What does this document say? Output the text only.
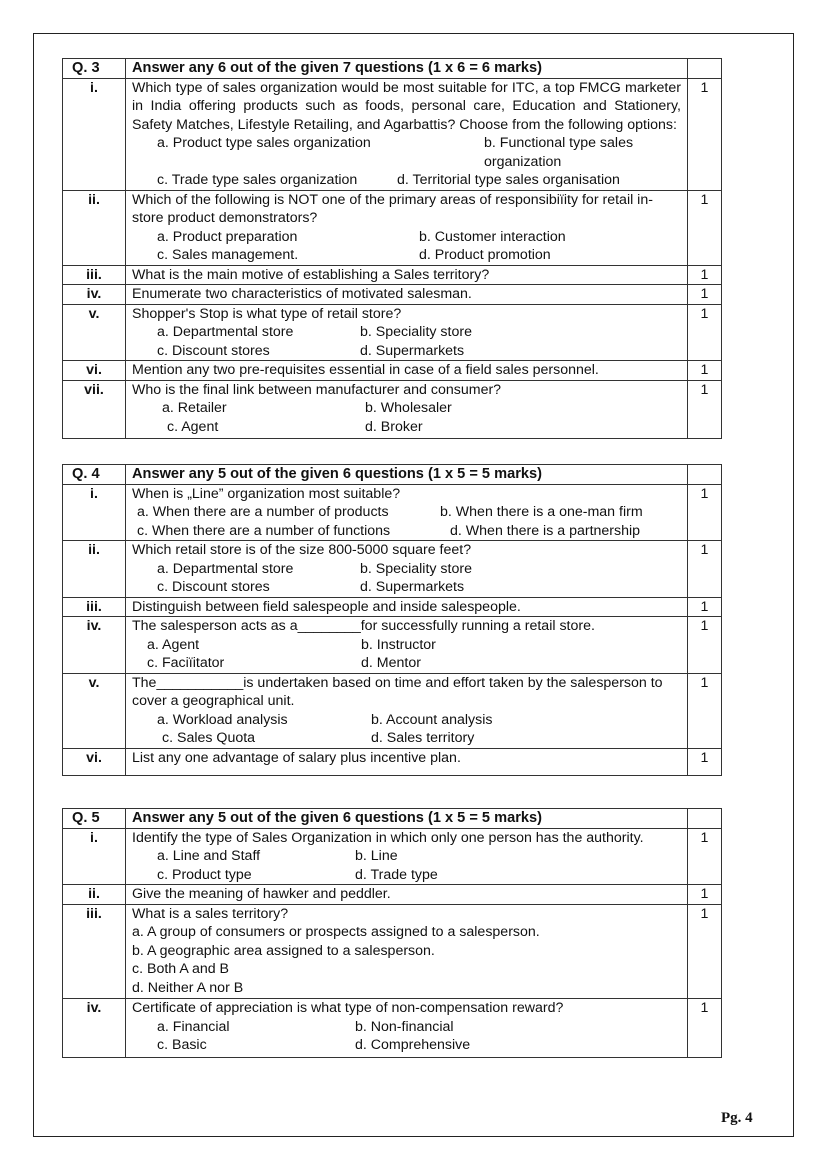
Q. 3	Answer any 6 out of the given 7 questions (1 x 6 = 6 marks)	
i.	Which type of sales organization would be most suitable for ITC, a top FMCG marketer in India offering products such as foods, personal care, Education and Stationery, Safety Matches, Lifestyle Retailing, and Agarbattis? Choose from the following options:
a. Product type sales organization b. Functional type sales organization
c. Trade type sales organization d. Territorial type sales organisation	1
ii.	Which of the following is NOT one of the primary areas of responsibiïity for retail in-store product demonstrators?
a. Product preparation b. Customer interaction
c. Sales management. d. Product promotion	1
iii.	What is the main motive of establishing a Sales territory?	1
iv.	Enumerate two characteristics of motivated salesman.	1
v.	Shopper's Stop is what type of retail store?
a. Departmental store b. Speciality store
c. Discount stores d. Supermarkets	1
vi.	Mention any two pre-requisites essential in case of a field sales personnel.	1
vii.	Who is the final link between manufacturer and consumer?
a. Retailer b. Wholesaler
c. Agent d. Broker	1
Q. 4	Answer any 5 out of the given 6 questions (1 x 5 = 5 marks)	
i.	When is „Line” organization most suitable?
a. When there are a number of products b. When there is a one-man firm
c. When there are a number of functions d. When there is a partnership	1
ii.	Which retail store is of the size 800-5000 square feet?
a. Departmental store b. Speciality store
c. Discount stores d. Supermarkets	1
iii.	Distinguish between field salespeople and inside salespeople.	1
iv.	The salesperson acts as a________for successfully running a retail store.
a. Agent b. Instructor
c. Faciïitator d. Mentor	1
v.	The___________is undertaken based on time and effort taken by the salesperson to cover a geographical unit.
a. Workload analysis b. Account analysis
c. Sales Quota d. Sales territory	1
vi.	List any one advantage of salary plus incentive plan.	1
Q. 5	Answer any 5 out of the given 6 questions (1 x 5 = 5 marks)	
i.	Identify the type of Sales Organization in which only one person has the authority.
a. Line and Staff b. Line
c. Product type d. Trade type	1
ii.	Give the meaning of hawker and peddler.	1
iii.	What is a sales territory?
a. A group of consumers or prospects assigned to a salesperson.
b. A geographic area assigned to a salesperson.
c. Both A and B
d. Neither A nor B	1
iv.	Certificate of appreciation is what type of non-compensation reward?
a. Financial b. Non-financial
c. Basic d. Comprehensive	1
Pg. 4
